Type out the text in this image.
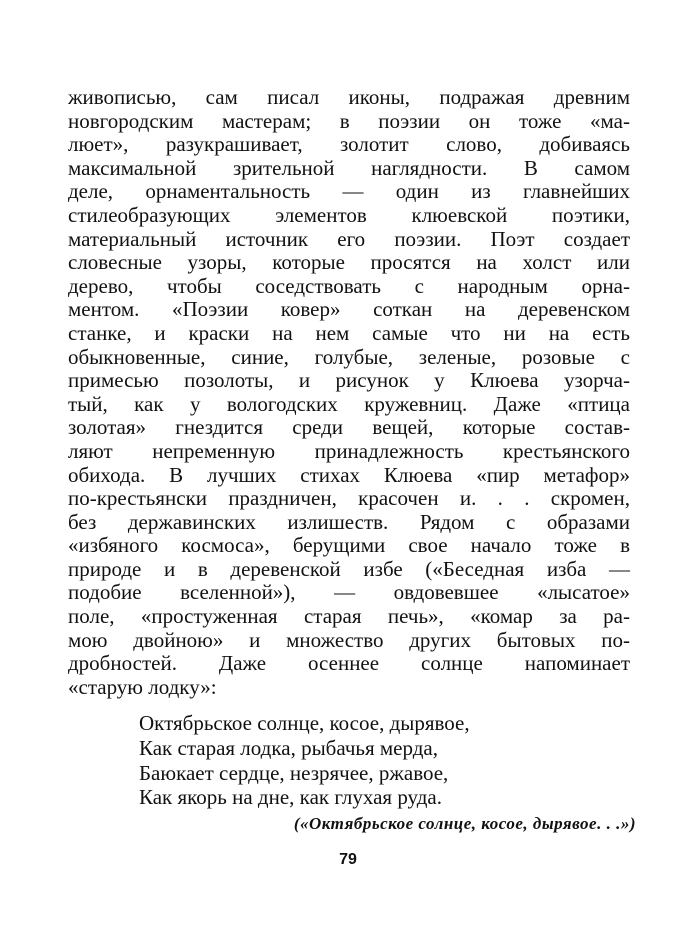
живописью, сам писал иконы, подражая древним
новгородским мастерам; в поэзии он тоже «ма-
люет», разукрашивает, золотит слово, добиваясь
максимальной зрительной наглядности. В самом
деле, орнаментальность — один из главнейших
стилеобразующих элементов клюевской поэтики,
материальный источник его поэзии. Поэт создает
словесные узоры, которые просятся на холст или
дерево, чтобы соседствовать с народным орна-
ментом. «Поэзии ковер» соткан на деревенском
станке, и краски на нем самые что ни на есть
обыкновенные, синие, голубые, зеленые, розовые с
примесью позолоты, и рисунок у Клюева узорча-
тый, как у вологодских кружевниц. Даже «птица
золотая» гнездится среди вещей, которые состав-
ляют непременную принадлежность крестьянского
обихода. В лучших стихах Клюева «пир метафор»
по-крестьянски праздничен, красочен и. . . скромен,
без державинских излишеств. Рядом с образами
«избяного космоса», берущими свое начало тоже в
природе и в деревенской избе («Беседная изба —
подобие вселенной»), — овдовевшее «лысатое»
поле, «простуженная старая печь», «комар за ра-
мою двойною» и множество других бытовых по-
дробностей. Даже осеннее солнце напоминает
«старую лодку»:
Октябрьское солнце, косое, дырявое,
Как старая лодка, рыбачья мерда,
Баюкает сердце, незрячее, ржавое,
Как якорь на дне, как глухая руда.
(«Октябрьское солнце, косое, дырявое. . .»)
79
